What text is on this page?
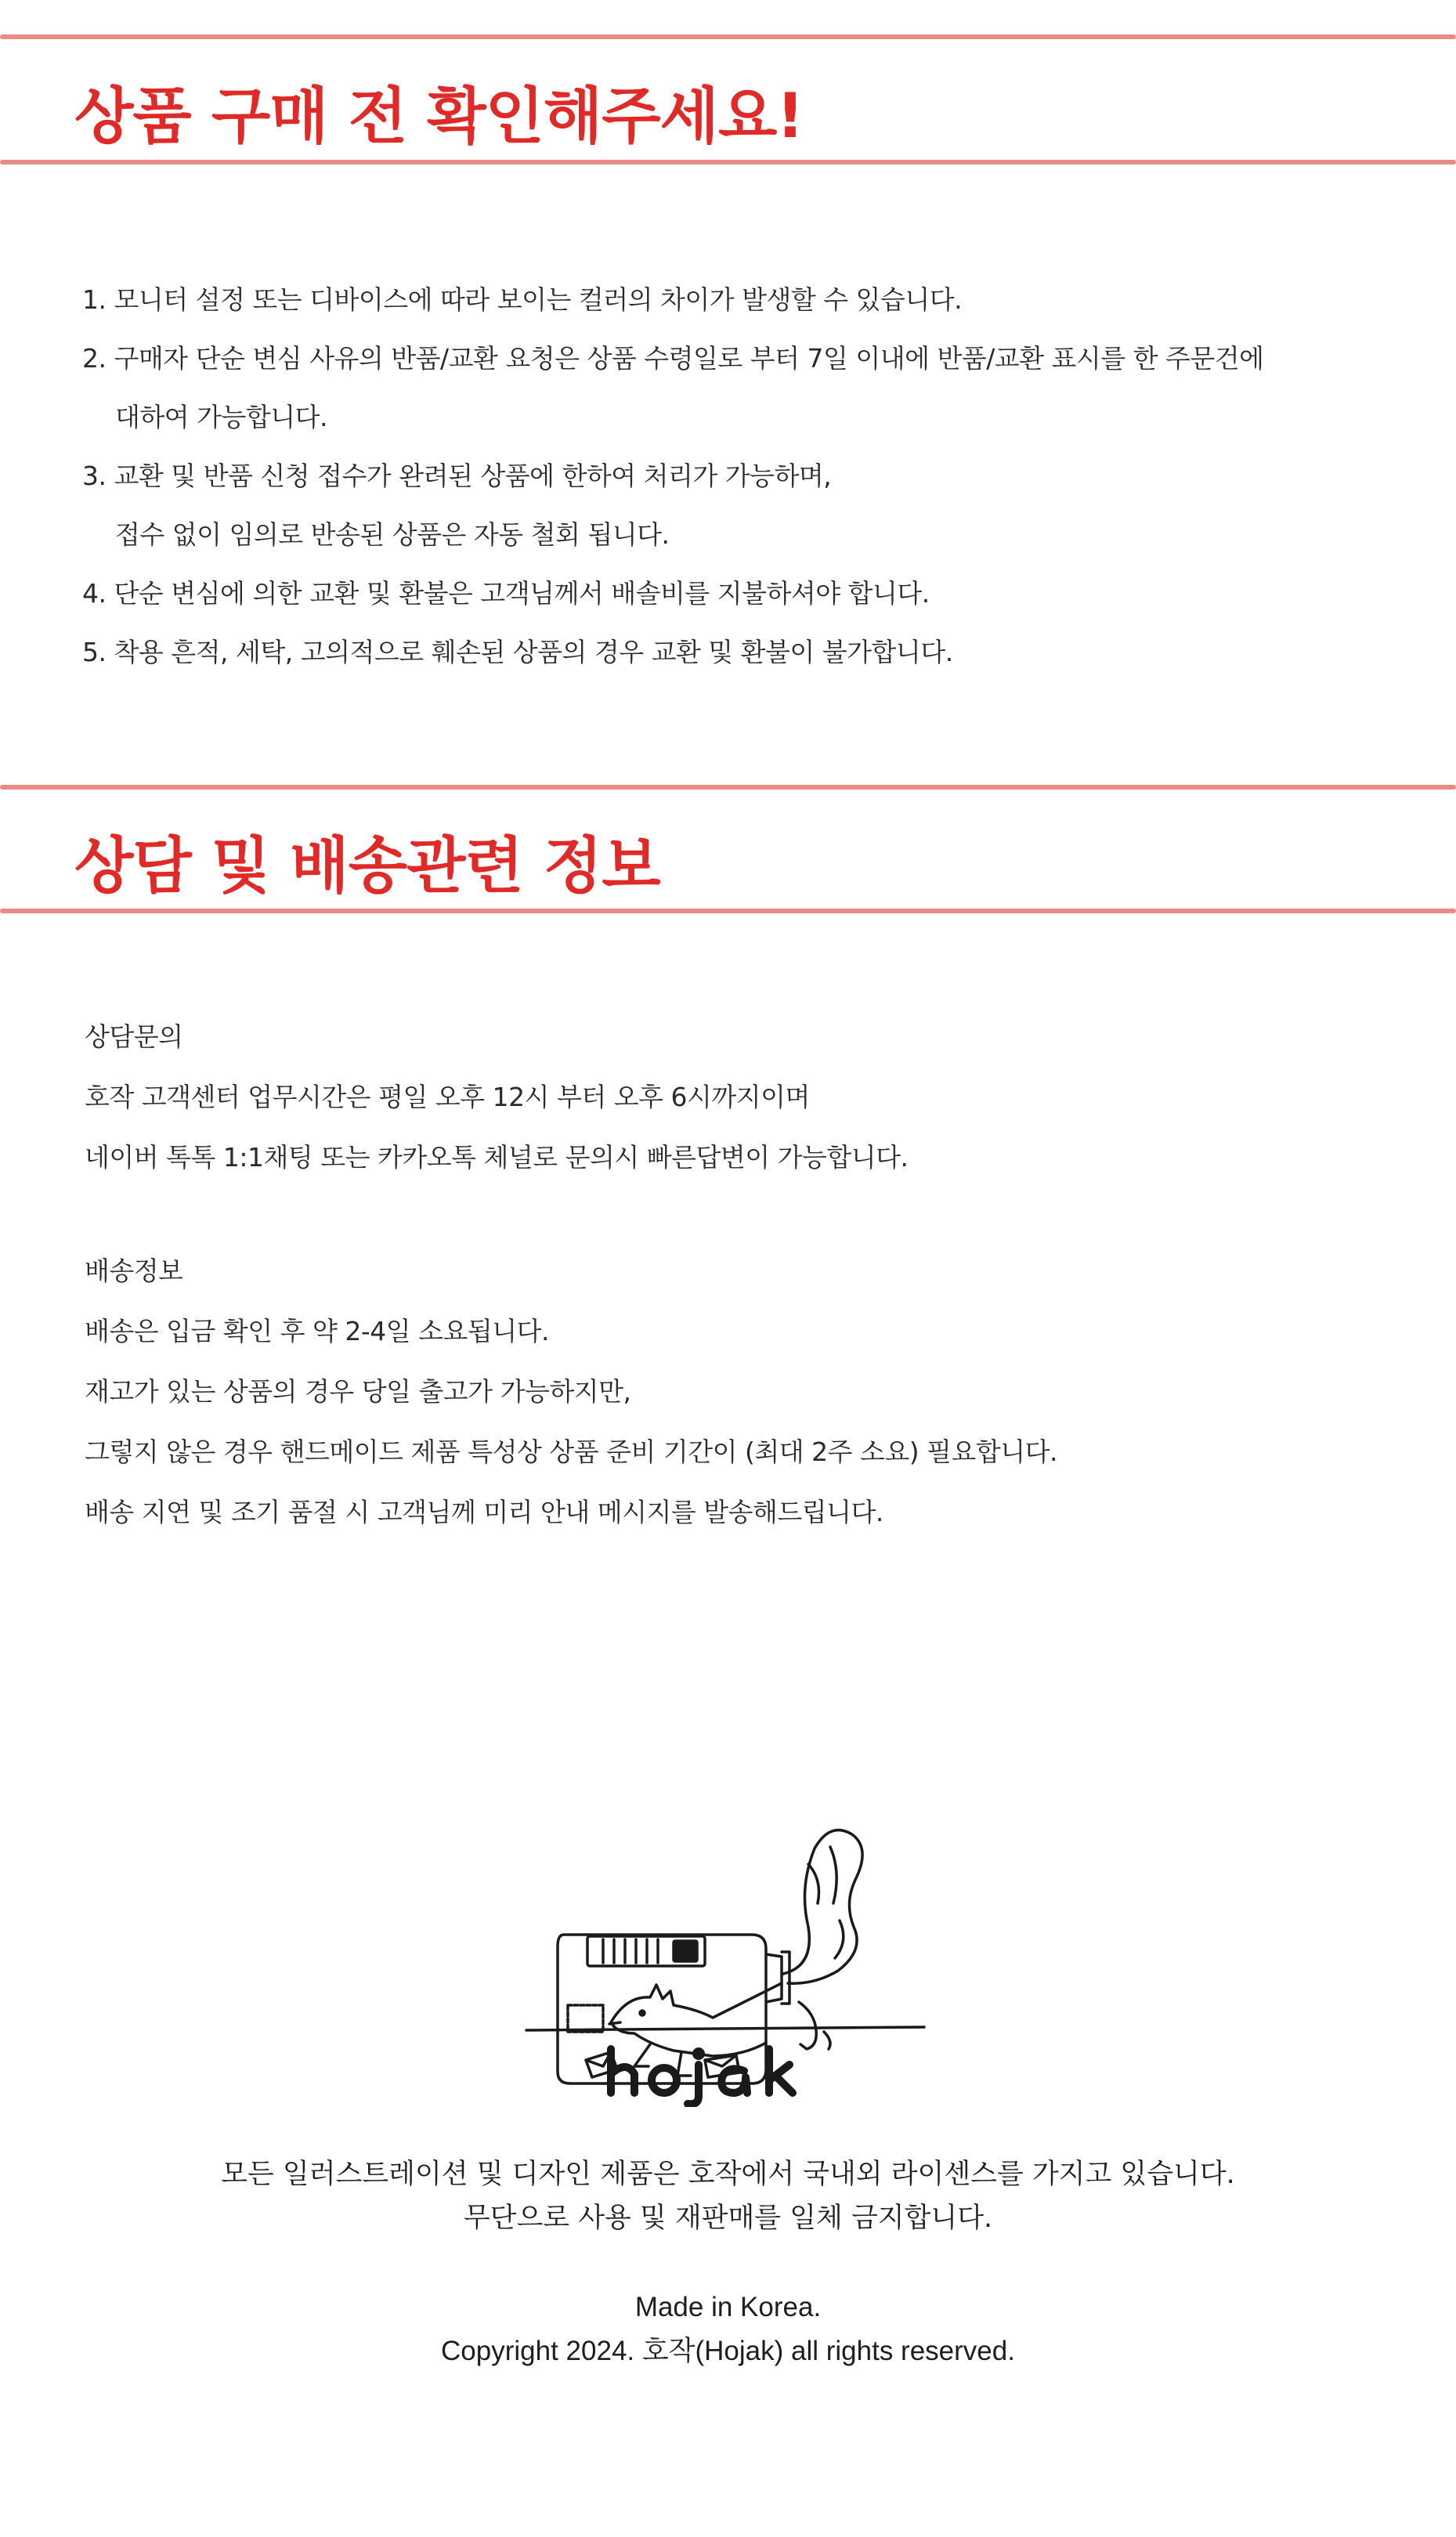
상품 구매 전 확인해주세요!
1. 모니터 설정 또는 디바이스에 따라 보이는 컬러의 차이가 발생할 수 있습니다.
2. 구매자 단순 변심 사유의 반품/교환 요청은 상품 수령일로 부터 7일 이내에 반품/교환 표시를 한 주문건에
대하여 가능합니다.
3. 교환 및 반품 신청 접수가 완려된 상품에 한하여 처리가 가능하며,
접수 없이 임의로 반송된 상품은 자동 철회 됩니다.
4. 단순 변심에 의한 교환 및 환불은 고객님께서 배솔비를 지불하셔야 합니다.
5. 착용 흔적, 세탁, 고의적으로 훼손된 상품의 경우 교환 및 환불이 불가합니다.
상담 및 배송관련 정보

상담문의

호작 고객센터 업무시간은 평일 오후 12시 부터 오후 6시까지이며

네이버 톡톡 1:1채팅 또는 카카오톡 체널로 문의시 빠른답변이 가능합니다.

배송정보

배송은 입금 확인 후 약 2-4일 소요됩니다.

재고가 있는 상품의 경우 당일 출고가 가능하지만,

그렇지 않은 경우 핸드메이드 제품 특성상 상품 준비 기간이 (최대 2주 소요) 필요합니다.

배송 지연 및 조기 품절 시 고객님께 미리 안내 메시지를 발송해드립니다.

모든 일러스트레이션 및 디자인 제품은 호작에서 국내외 라이센스를 가지고 있습니다.

무단으로 사용 및 재판매를 일체 금지합니다.

Made in Korea.

Copyright 2024. 호작(Hojak) all rights reserved.
